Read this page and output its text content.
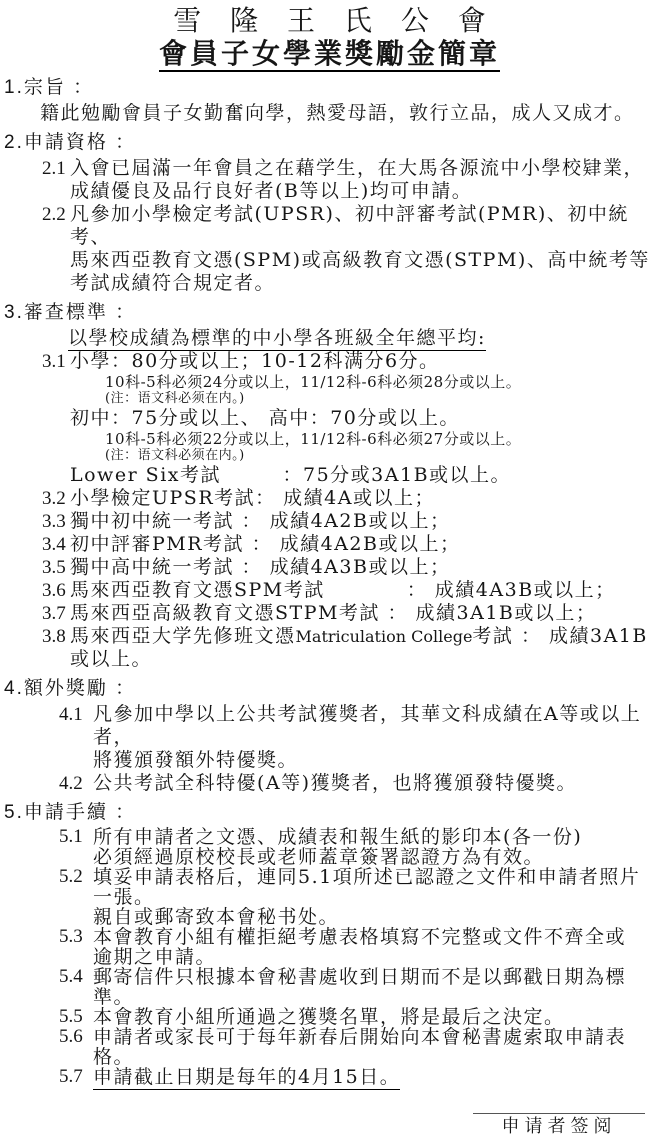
雪 隆 王 氏 公 會
會員子女學業獎勵金簡章
1.宗旨 ：
籍此勉勵會員子女勤奮向學，熱愛母語，敦行立品，成人又成才。
2.申請資格 ：
2.1 入會已屆滿一年會員之在藉学生，在大馬各源流中小學校肄業，
成績優良及品行良好者(B等以上)均可申請。
2.2 凡參加小學檢定考試(UPSR)、初中評審考試(PMR)、初中統考、
馬來西亞教育文憑(SPM)或高級教育文憑(STPM)、高中統考等
考試成績符合規定者。
3.審查標準 ：
以學校成績為標準的中小學各班級全年總平均:
3.1 小學：80分或以上；10-12科满分6分。
10科-5科必须24分或以上，11/12科-6科必须28分或以上。
(注：语文科必须在内。)
初中：75分或以上、 高中：70分或以上。
10科-5科必须22分或以上，11/12科-6科必须27分或以上。
(注：语文科必须在内。)
Lower Six考試　　　：75分或3A1B或以上。
3.2 小學檢定UPSR考試： 成績4A或以上；
3.3 獨中初中統一考試 ： 成績4A2B或以上；
3.4 初中評審PMR考試 ： 成績4A2B或以上；
3.5 獨中高中統一考試 ： 成績4A3B或以上；
3.6 馬來西亞教育文憑SPM考試　　　　： 成績4A3B或以上；
3.7 馬來西亞高級教育文憑STPM考試 ： 成績3A1B或以上；
3.8 馬來西亞大学先修班文憑Matriculation College考試 ： 成績3A1B或以上。
4.額外獎勵 ：
4.1 凡參加中學以上公共考試獲獎者，其華文科成績在A等或以上者，
將獲頒發額外特優獎。
4.2 公共考試全科特優(A等)獲獎者，也將獲頒發特優獎。
5.申請手續 ：
5.1 所有申請者之文憑、成績表和報生紙的影印本(各一份)
必須經過原校校長或老师蓋章簽署認證方為有效。
5.2 填妥申請表格后，連同5.1項所述已認證之文件和申請者照片一張。
親自或郵寄致本會秘书处。
5.3 本會教育小組有權拒絕考慮表格填寫不完整或文件不齊全或
逾期之申請。
5.4 郵寄信件只根據本會秘書處收到日期而不是以郵戳日期為標準。
5.5 本會教育小組所通過之獲獎名單，將是最后之決定。
5.6 申請者或家長可于每年新春后開始向本會秘書處索取申請表格。
5.7 申請截止日期是每年的4月15日。
申请者签阅
